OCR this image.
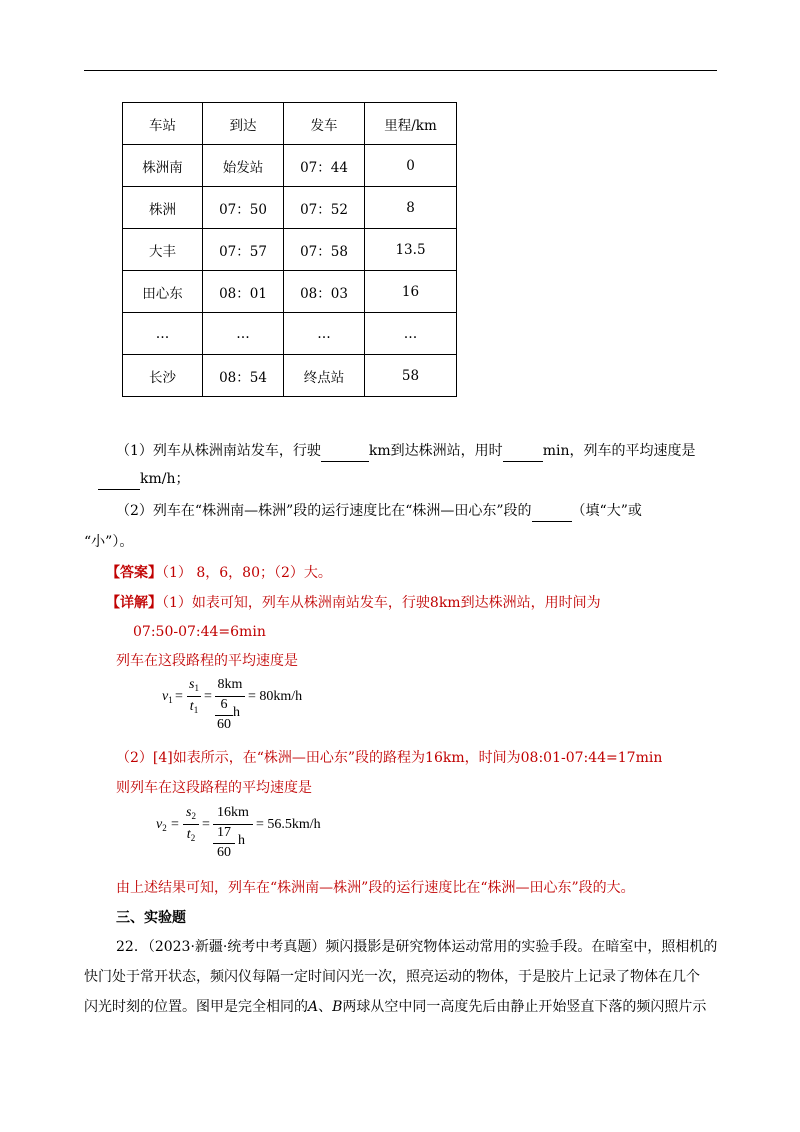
车站	到达	发车	里程/km
株洲南	始发站	07：44	0
株洲	07：50	07：52	8
大丰	07：57	07：58	13.5
田心东	08：01	08：03	16
…	…	…	…
长沙	08：54	终点站	58
（1）列车从株洲南站发车，行驶	km到达株洲站，用时	min，列车的平均速度是
km/h；
（2）列车在“株洲南—株洲”段的运行速度比在“株洲—田心东”段的	（填“大”或
“小”）。
【答案】（1） 8，6，80；（2）大。
【详解】（1）如表可知，列车从株洲南站发车，行驶8km到达株洲站，用时间为
07:50-07:44=6min
列车在这段路程的平均速度是
$v_1$ =
$s_1$
$t_1$
=
8km
6
60
h
= 80km/h
（2）[4]如表所示，在“株洲—田心东”段的路程为16km，时间为08:01-07:44=17min
则列车在这段路程的平均速度是
$v_2$ =
$s_2$
$t_2$
=
16km
17
60
h
= 56.5km/h
由上述结果可知，列车在“株洲南—株洲”段的运行速度比在“株洲—田心东”段的大。
三、实验题
22．（2023·新疆·统考中考真题）频闪摄影是研究物体运动常用的实验手段。在暗室中，照相机的
快门处于常开状态，频闪仪每隔一定时间闪光一次，照亮运动的物体，于是胶片上记录了物体在几个
闪光时刻的位置。图甲是完全相同的A、B两球从空中同一高度先后由静止开始竖直下落的频闪照片示
